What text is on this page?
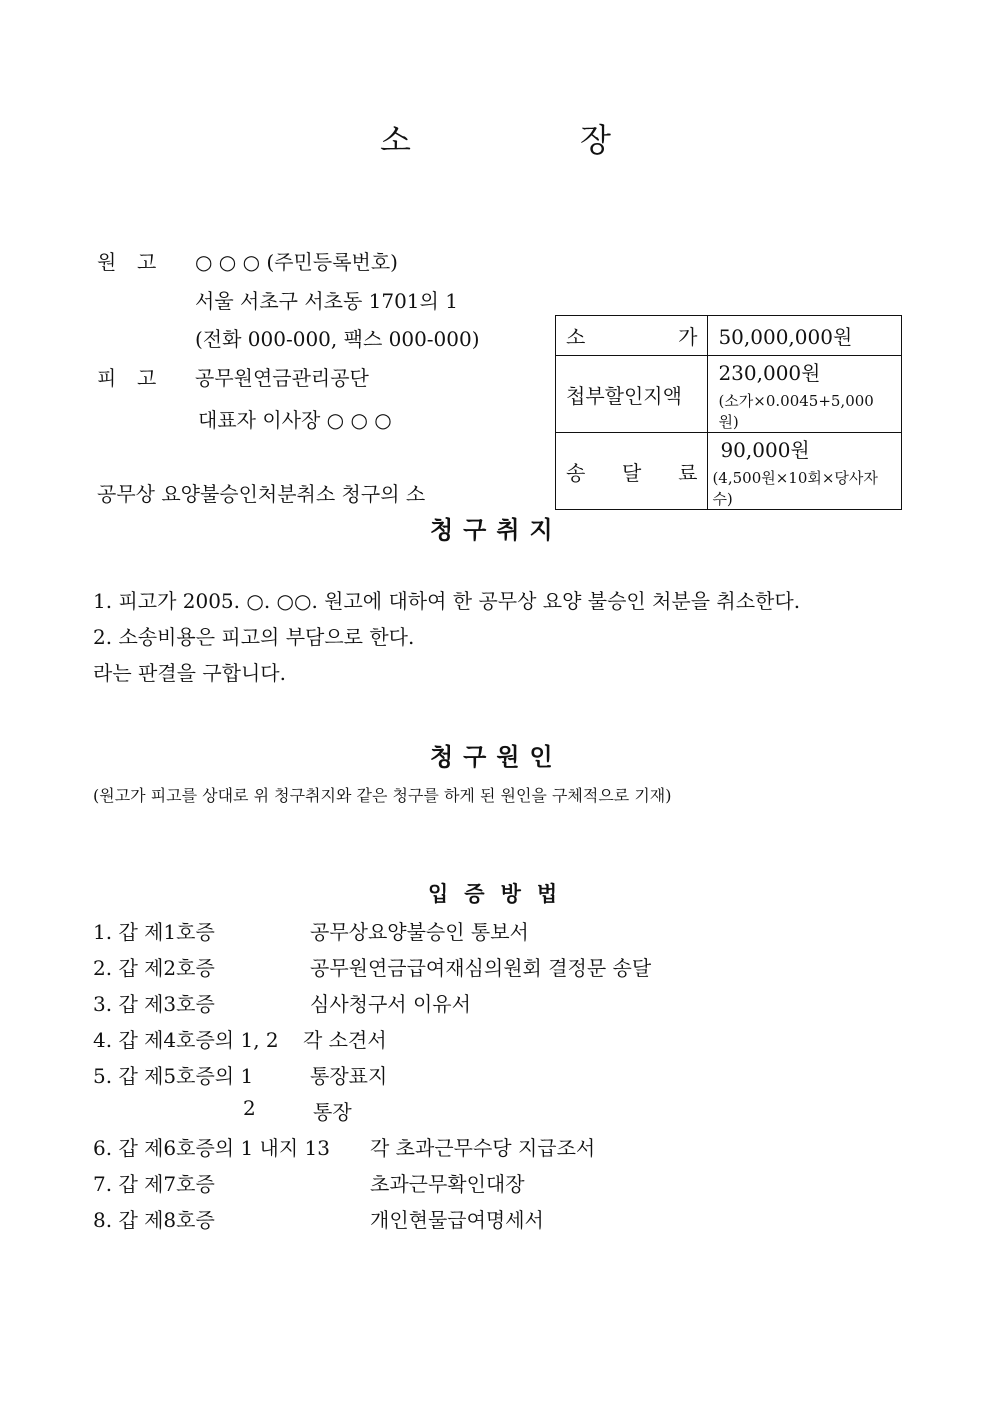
소	장
원 고 ○ ○ ○ (주민등록번호)
서울 서초구 서초동 1701의 1
(전화 000-000, 팩스 000-000)
피 고 공무원연금관리공단
대표자 이사장 ○ ○ ○
공무상 요양불승인처분취소 청구의 소
소 가	50,000,000원
첩부할인지액	230,000원
(소가×0.0045+5,000원)

송 달 료	90,000원
(4,500원×10회×당사자수)
청구취지
1. 피고가 2005. ○. ○○. 원고에 대하여 한 공무상 요양 불승인 처분을 취소한다.
2. 소송비용은 피고의 부담으로 한다.
라는 판결을 구합니다.
청구원인
(원고가 피고를 상대로 위 청구취지와 같은 청구를 하게 된 원인을 구체적으로 기재)
입증방법
1. 갑 제1호증	공무상요양불승인 통보서
2. 갑 제2호증	공무원연금급여재심의원회 결정문 송달
3. 갑 제3호증	심사청구서 이유서
4. 갑 제4호증의 1, 2 각 소견서
5. 갑 제5호증의 1	통장표지
2	통장
6. 갑 제6호증의 1 내지 13 각 초과근무수당 지급조서
7. 갑 제7호증	초과근무확인대장
8. 갑 제8호증	개인현물급여명세서
